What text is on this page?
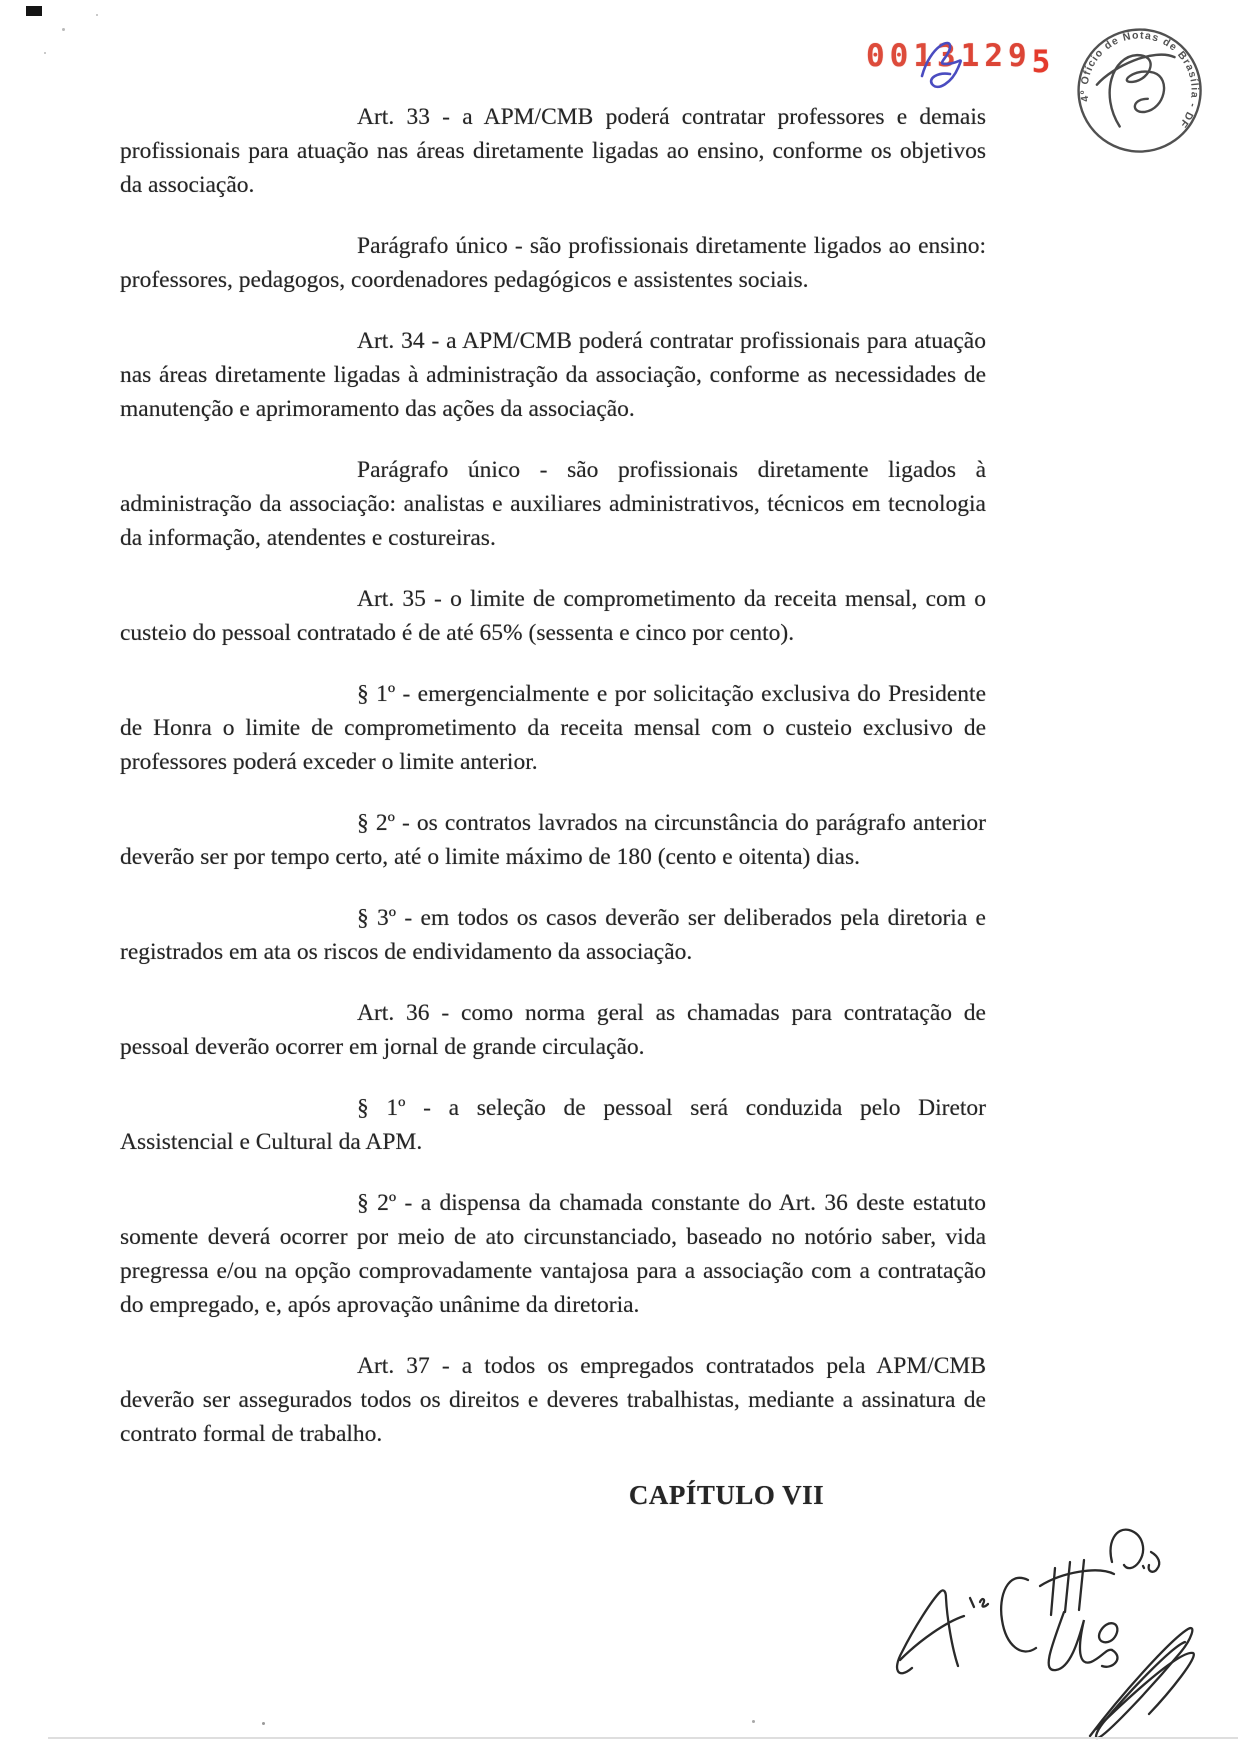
00131295
4º Ofício de Notas de Brasília - DF

Art. 33 - a APM/CMB poderá contratar professores e demais profissionais para atuação nas áreas diretamente ligadas ao ensino, conforme os objetivos da associação.

Parágrafo único - são profissionais diretamente ligados ao ensino: professores, pedagogos, coordenadores pedagógicos e assistentes sociais.

Art. 34 - a APM/CMB poderá contratar profissionais para atuação nas áreas diretamente ligadas à administração da associação, conforme as necessidades de manutenção e aprimoramento das ações da associação.

Parágrafo único - são profissionais diretamente ligados à administração da associação: analistas e auxiliares administrativos, técnicos em tecnologia da informação, atendentes e costureiras.

Art. 35 - o limite de comprometimento da receita mensal, com o custeio do pessoal contratado é de até 65% (sessenta e cinco por cento).

§ 1º - emergencialmente e por solicitação exclusiva do Presidente de Honra o limite de comprometimento da receita mensal com o custeio exclusivo de professores poderá exceder o limite anterior.

§ 2º - os contratos lavrados na circunstância do parágrafo anterior deverão ser por tempo certo, até o limite máximo de 180 (cento e oitenta) dias.

§ 3º - em todos os casos deverão ser deliberados pela diretoria e registrados em ata os riscos de endividamento da associação.

Art. 36 - como norma geral as chamadas para contratação de pessoal deverão ocorrer em jornal de grande circulação.

§ 1º - a seleção de pessoal será conduzida pelo Diretor Assistencial e Cultural da APM.

§ 2º - a dispensa da chamada constante do Art. 36 deste estatuto somente deverá ocorrer por meio de ato circunstanciado, baseado no notório saber, vida pregressa e/ou na opção comprovadamente vantajosa para a associação com a contratação do empregado, e, após aprovação unânime da diretoria.

Art. 37 - a todos os empregados contratados pela APM/CMB deverão ser assegurados todos os direitos e deveres trabalhistas, mediante a assinatura de contrato formal de trabalho.

CAPÍTULO VII
